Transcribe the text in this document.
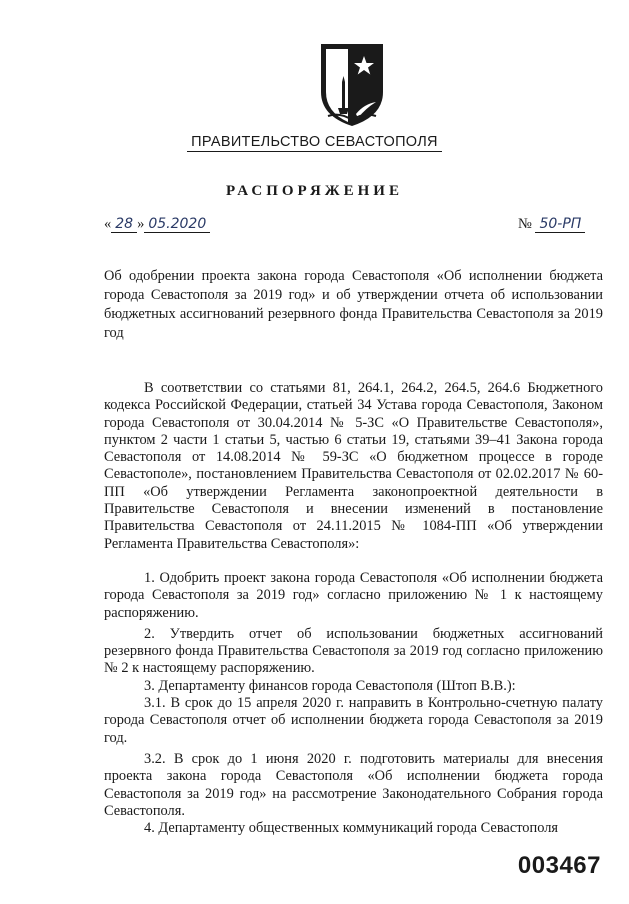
ПРАВИТЕЛЬСТВО СЕВАСТОПОЛЯ
РАСПОРЯЖЕНИЕ
« 28 » 05.2020	№ 50-РП
Об одобрении проекта закона города Севастополя «Об исполнении бюджета города Севастополя за 2019 год» и об утверждении отчета об использовании бюджетных ассигнований резервного фонда Правительства Севастополя за 2019 год

В соответствии со статьями 81, 264.1, 264.2, 264.5, 264.6 Бюджетного кодекса Российской Федерации, статьей 34 Устава города Севастополя, Законом города Севастополя от 30.04.2014 № 5-ЗС «О Правительстве Севастополя», пунктом 2 части 1 статьи 5, частью 6 статьи 19, статьями 39–41 Закона города Севастополя от 14.08.2014 № 59-ЗС «О бюджетном процессе в городе Севастополе», постановлением Правительства Севастополя от 02.02.2017 № 60-ПП «Об утверждении Регламента законопроектной деятельности в Правительстве Севастополя и внесении изменений в постановление Правительства Севастополя от 24.11.2015 № 1084-ПП «Об утверждении Регламента Правительства Севастополя»:

1. Одобрить проект закона города Севастополя «Об исполнении бюджета города Севастополя за 2019 год» согласно приложению № 1 к настоящему распоряжению.

2. Утвердить отчет об использовании бюджетных ассигнований резервного фонда Правительства Севастополя за 2019 год согласно приложению № 2 к настоящему распоряжению.

3. Департаменту финансов города Севастополя (Штоп В.В.):

3.1. В срок до 15 апреля 2020 г. направить в Контрольно-счетную палату города Севастополя отчет об исполнении бюджета города Севастополя за 2019 год.

3.2. В срок до 1 июня 2020 г. подготовить материалы для внесения проекта закона города Севастополя «Об исполнении бюджета города Севастополя за 2019 год» на рассмотрение Законодательного Собрания города Севастополя.

4. Департаменту общественных коммуникаций города Севастополя

003467
